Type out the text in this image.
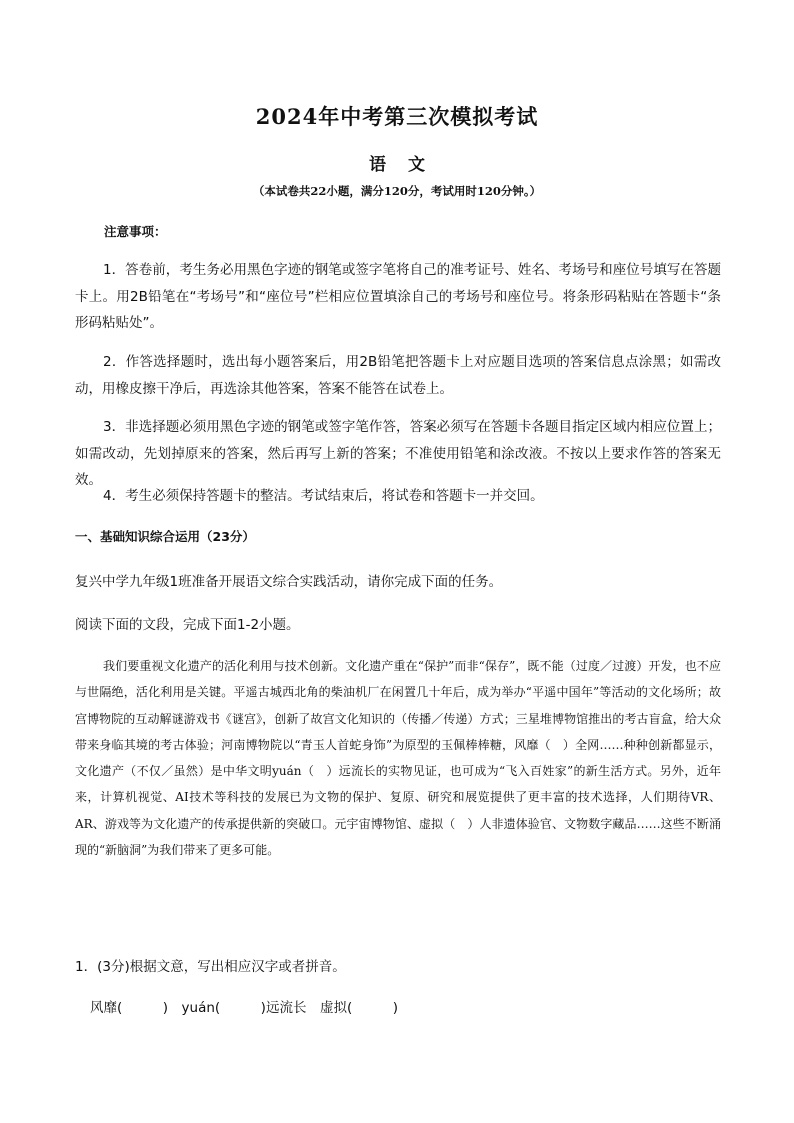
2024年中考第三次模拟考试
语文
（本试卷共22小题，满分120分，考试用时120分钟。）
注意事项：
1．答卷前，考生务必用黑色字迹的钢笔或签字笔将自己的准考证号、姓名、考场号和座位号填写在答题卡上。用2B铅笔在“考场号”和“座位号”栏相应位置填涂自己的考场号和座位号。将条形码粘贴在答题卡“条形码粘贴处”。
2．作答选择题时，选出每小题答案后，用2B铅笔把答题卡上对应题目选项的答案信息点涂黑；如需改动，用橡皮擦干净后，再选涂其他答案，答案不能答在试卷上。
3．非选择题必须用黑色字迹的钢笔或签字笔作答，答案必须写在答题卡各题目指定区域内相应位置上；如需改动，先划掉原来的答案，然后再写上新的答案；不准使用铅笔和涂改液。不按以上要求作答的答案无效。
4．考生必须保持答题卡的整洁。考试结束后，将试卷和答题卡一并交回。
一、基础知识综合运用（23分）
复兴中学九年级1班准备开展语文综合实践活动，请你完成下面的任务。
阅读下面的文段，完成下面1-2小题。
我们要重视文化遗产的活化利用与技术创新。文化遗产重在“保护”而非“保存”，既不能（过度／过渡）开发，也不应与世隔绝，活化利用是关键。平遥古城西北角的柴油机厂在闲置几十年后，成为举办“平遥中国年”等活动的文化场所；故宫博物院的互动解谜游戏书《谜宫》，创新了故宫文化知识的（传播／传递）方式；三星堆博物馆推出的考古盲盒，给大众带来身临其境的考古体验；河南博物院以“青玉人首蛇身饰”为原型的玉佩棒棒糖，风靡（　）全网……种种创新都显示，文化遗产（不仅／虽然）是中华文明yuán（　）远流长的实物见证，也可成为“飞入百姓家”的新生活方式。另外，近年来，计算机视觉、AI技术等科技的发展已为文物的保护、复原、研究和展览提供了更丰富的技术选择，人们期待VR、AR、游戏等为文化遗产的传承提供新的突破口。元宇宙博物馆、虚拟（　）人非遗体验官、文物数字藏品……这些不断涌现的“新脑洞”为我们带来了更多可能。
1．(3分)根据文意，写出相应汉字或者拼音。
风靡(　　　)　yuán(　　　)远流长　虚拟(　　　)
